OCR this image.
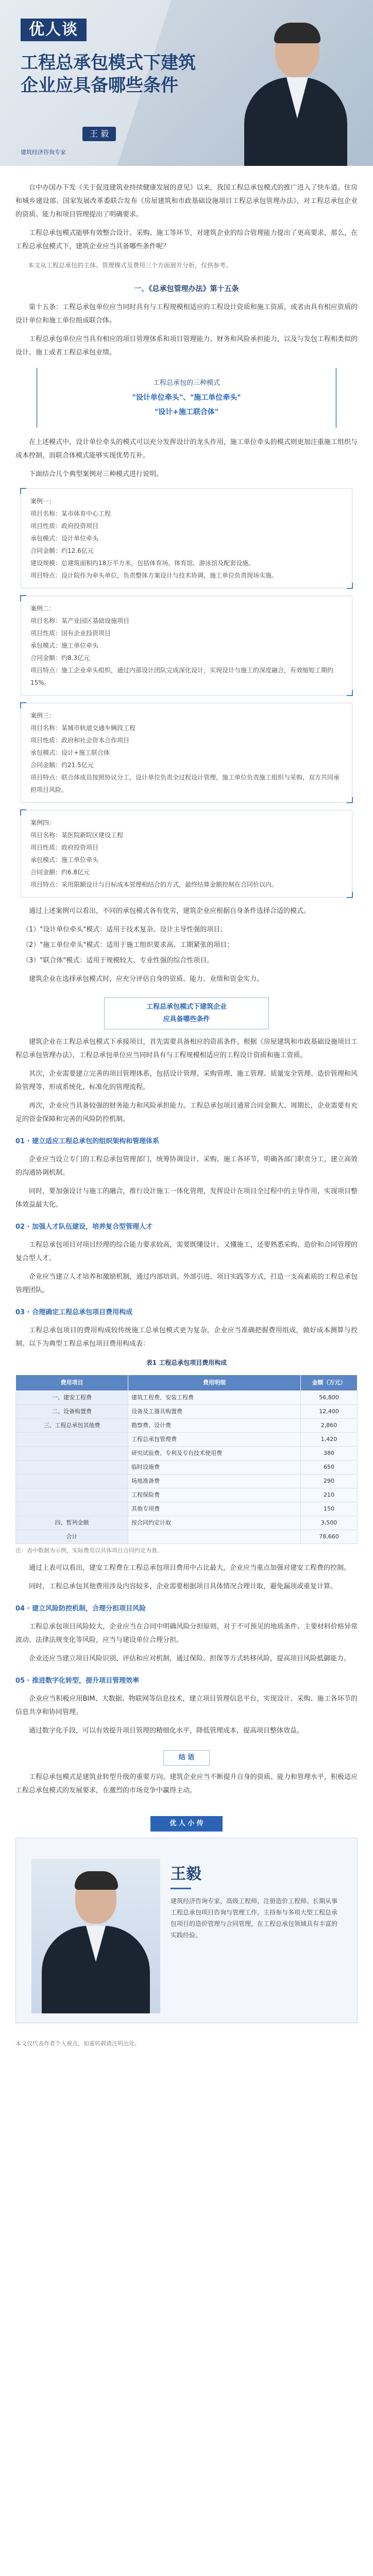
优人谈
工程总承包模式下建筑企业应具备哪些条件
王 毅
建筑经济咨询专家

自中办国办下发《关于促进建筑业持续健康发展的意见》以来，我国工程总承包模式的推广进入了快车道。住房和城乡建设部、国家发展改革委联合发布《房屋建筑和市政基础设施项目工程总承包管理办法》，对工程总承包企业的资质、能力和项目管理提出了明确要求。

工程总承包模式能够有效整合设计、采购、施工等环节，对建筑企业的综合管理能力提出了更高要求。那么，在工程总承包模式下，建筑企业应当具备哪些条件呢？

本文从工程总承包的主体、管理模式及费用三个方面展开分析，仅供参考。

一、《总承包管理办法》第十五条

第十五条：工程总承包单位应当同时具有与工程规模相适应的工程设计资质和施工资质，或者由具有相应资质的设计单位和施工单位组成联合体。

工程总承包单位应当具有相应的项目管理体系和项目管理能力、财务和风险承担能力，以及与发包工程相类似的设计、施工或者工程总承包业绩。

工程总承包的三种模式
"设计单位牵头"、"施工单位牵头"
"设计+施工联合体"

在上述模式中，设计单位牵头的模式可以充分发挥设计的龙头作用，施工单位牵头的模式则更加注重施工组织与成本控制，而联合体模式能够实现优势互补。

下面结合几个典型案例对三种模式进行说明。

案例一：
项目名称：某市体育中心工程
项目性质：政府投资项目
承包模式：设计单位牵头
合同金额：约12.6亿元
建设规模：总建筑面积约18万平方米，包括体育场、体育馆、游泳馆及配套设施。
项目特点：设计院作为牵头单位，负责整体方案设计与技术协调，施工单位负责现场实施。
案例二：
项目名称：某产业园区基础设施项目
项目性质：国有企业投资项目
承包模式：施工单位牵头
合同金额：约8.3亿元
项目特点：施工企业牵头组织，通过内部设计团队完成深化设计，实现设计与施工的深度融合，有效缩短工期约15%。
案例三：
项目名称：某城市轨道交通车辆段工程
项目性质：政府和社会资本合作项目
承包模式：设计+施工联合体
合同金额：约21.5亿元
项目特点：联合体成员按照协议分工，设计单位负责全过程设计管理，施工单位负责施工组织与采购，双方共同承担项目风险。
案例四：
项目名称：某医院新院区建设工程
项目性质：政府投资项目
承包模式：施工单位牵头
合同金额：约6.8亿元
项目特点：采用限额设计与目标成本管理相结合的方式，最终结算金额控制在合同价以内。

通过上述案例可以看出，不同的承包模式各有优劣，建筑企业应根据自身条件选择合适的模式。

（1）"设计单位牵头"模式：适用于技术复杂、设计主导性强的项目；
（2）"施工单位牵头"模式：适用于施工组织要求高、工期紧张的项目；
（3）"联合体"模式：适用于规模较大、专业性强的综合性项目。

建筑企业在选择承包模式时，应充分评估自身的资质、能力、业绩和资金实力。

工程总承包模式下建筑企业
应具备哪些条件

建筑企业在工程总承包模式下承接项目，首先需要具备相应的资质条件。根据《房屋建筑和市政基础设施项目工程总承包管理办法》，工程总承包单位应当同时具有与工程规模相适应的工程设计资质和施工资质。

其次，企业需要建立完善的项目管理体系，包括设计管理、采购管理、施工管理、质量安全管理、造价管理和风险管理等，形成系统化、标准化的管理流程。

再次，企业应当具备较强的财务能力和风险承担能力。工程总承包项目通常合同金额大、周期长，企业需要有充足的资金保障和完善的风险防控机制。

01 · 建立适应工程总承包的组织架构和管理体系

企业应当设立专门的工程总承包管理部门，统筹协调设计、采购、施工各环节，明确各部门职责分工，建立高效的沟通协调机制。

同时，要加强设计与施工的融合，推行设计施工一体化管理，发挥设计在项目全过程中的主导作用，实现项目整体效益最大化。

02 · 加强人才队伍建设，培养复合型管理人才

工程总承包项目对项目经理的综合能力要求较高，需要既懂设计、又懂施工，还要熟悉采购、造价和合同管理的复合型人才。

企业应当建立人才培养和激励机制，通过内部培训、外部引进、项目实践等方式，打造一支高素质的工程总承包管理团队。

03 · 合理确定工程总承包项目费用构成

工程总承包项目的费用构成较传统施工总承包模式更为复杂，企业应当准确把握费用组成，做好成本测算与控制。以下为典型工程总承包项目费用构成表：

表1 工程总承包项目费用构成
费用项目	费用明细	金额（万元）
一、建安工程费	建筑工程费、安装工程费	56,800
二、设备购置费	设备及工器具购置费	12,400
三、工程总承包其他费	勘察费、设计费	2,860
	工程总承包管理费	1,420
	研究试验费、专利及专有技术使用费	380
	临时设施费	650
	场地准备费	290
	工程保险费	210
	其他专项费	150
四、暂列金额	按合同约定计取	3,500
合计		78,660
注：表中数据为示例，实际费用以具体项目合同约定为准。

通过上表可以看出，建安工程费在工程总承包项目费用中占比最大，企业应当重点加强对建安工程费的控制。

同时，工程总承包其他费用涉及内容较多，企业需要根据项目具体情况合理计取，避免漏项或重复计算。

04 · 建立风险防控机制，合理分担项目风险

工程总承包项目风险较大，企业应当在合同中明确风险分担原则，对于不可预见的地质条件、主要材料价格异常波动、法律法规变化等风险，应当与建设单位合理分担。

企业还应当建立项目风险识别、评估和应对机制，通过保险、担保等方式转移风险，提高项目风险抵御能力。

05 · 推进数字化转型，提升项目管理效率

企业应当积极应用BIM、大数据、物联网等信息技术，建立项目管理信息平台，实现设计、采购、施工各环节的信息共享和协同管理。

通过数字化手段，可以有效提升项目管理的精细化水平，降低管理成本，提高项目整体效益。

结 语

工程总承包模式是建筑业转型升级的重要方向。建筑企业应当不断提升自身的资质、能力和管理水平，积极适应工程总承包模式的发展要求，在激烈的市场竞争中赢得主动。

优 人 小 传
王毅
建筑经济咨询专家，高级工程师，注册造价工程师。长期从事工程总承包项目咨询与管理工作，主持参与多项大型工程总承包项目的造价管理与合同管理，在工程总承包领域具有丰富的实践经验。
本文仅代表作者个人观点，如需转载请注明出处。
